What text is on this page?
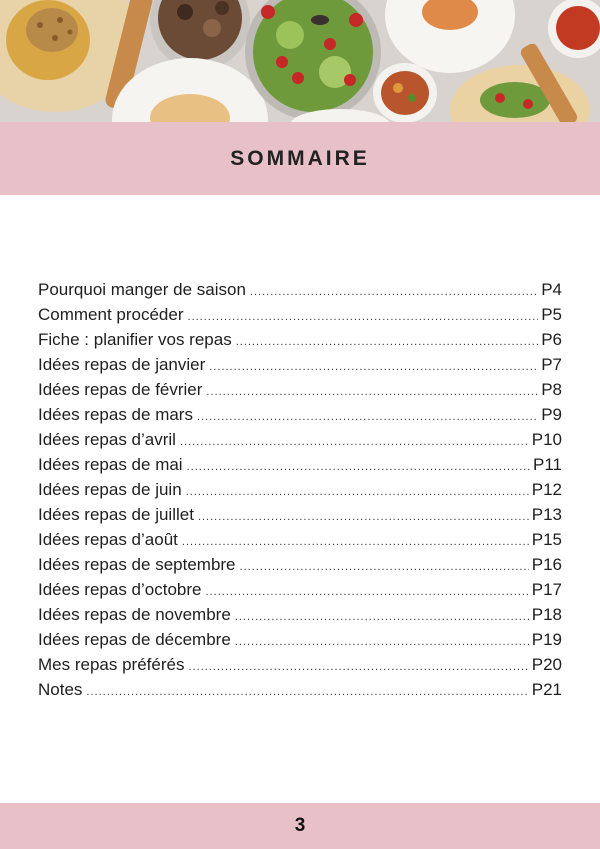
SOMMAIRE
Pourquoi manger de saison .....	P4
Comment procéder .....	P5
Fiche : planifier vos repas .....	P6
Idées repas de janvier .....	P7
Idées repas de février .....	P8
Idées repas de mars .....	P9
Idées repas d’avril .....	P10
Idées repas de mai .....	P11
Idées repas de juin .....	P12
Idées repas de juillet .....	P13
Idées repas d’août .....	P15
Idées repas de septembre .....	P16
Idées repas d’octobre .....	P17
Idées repas de novembre .....	P18
Idées repas de décembre .....	P19
Mes repas préférés .....	P20
Notes .....	P21
3
